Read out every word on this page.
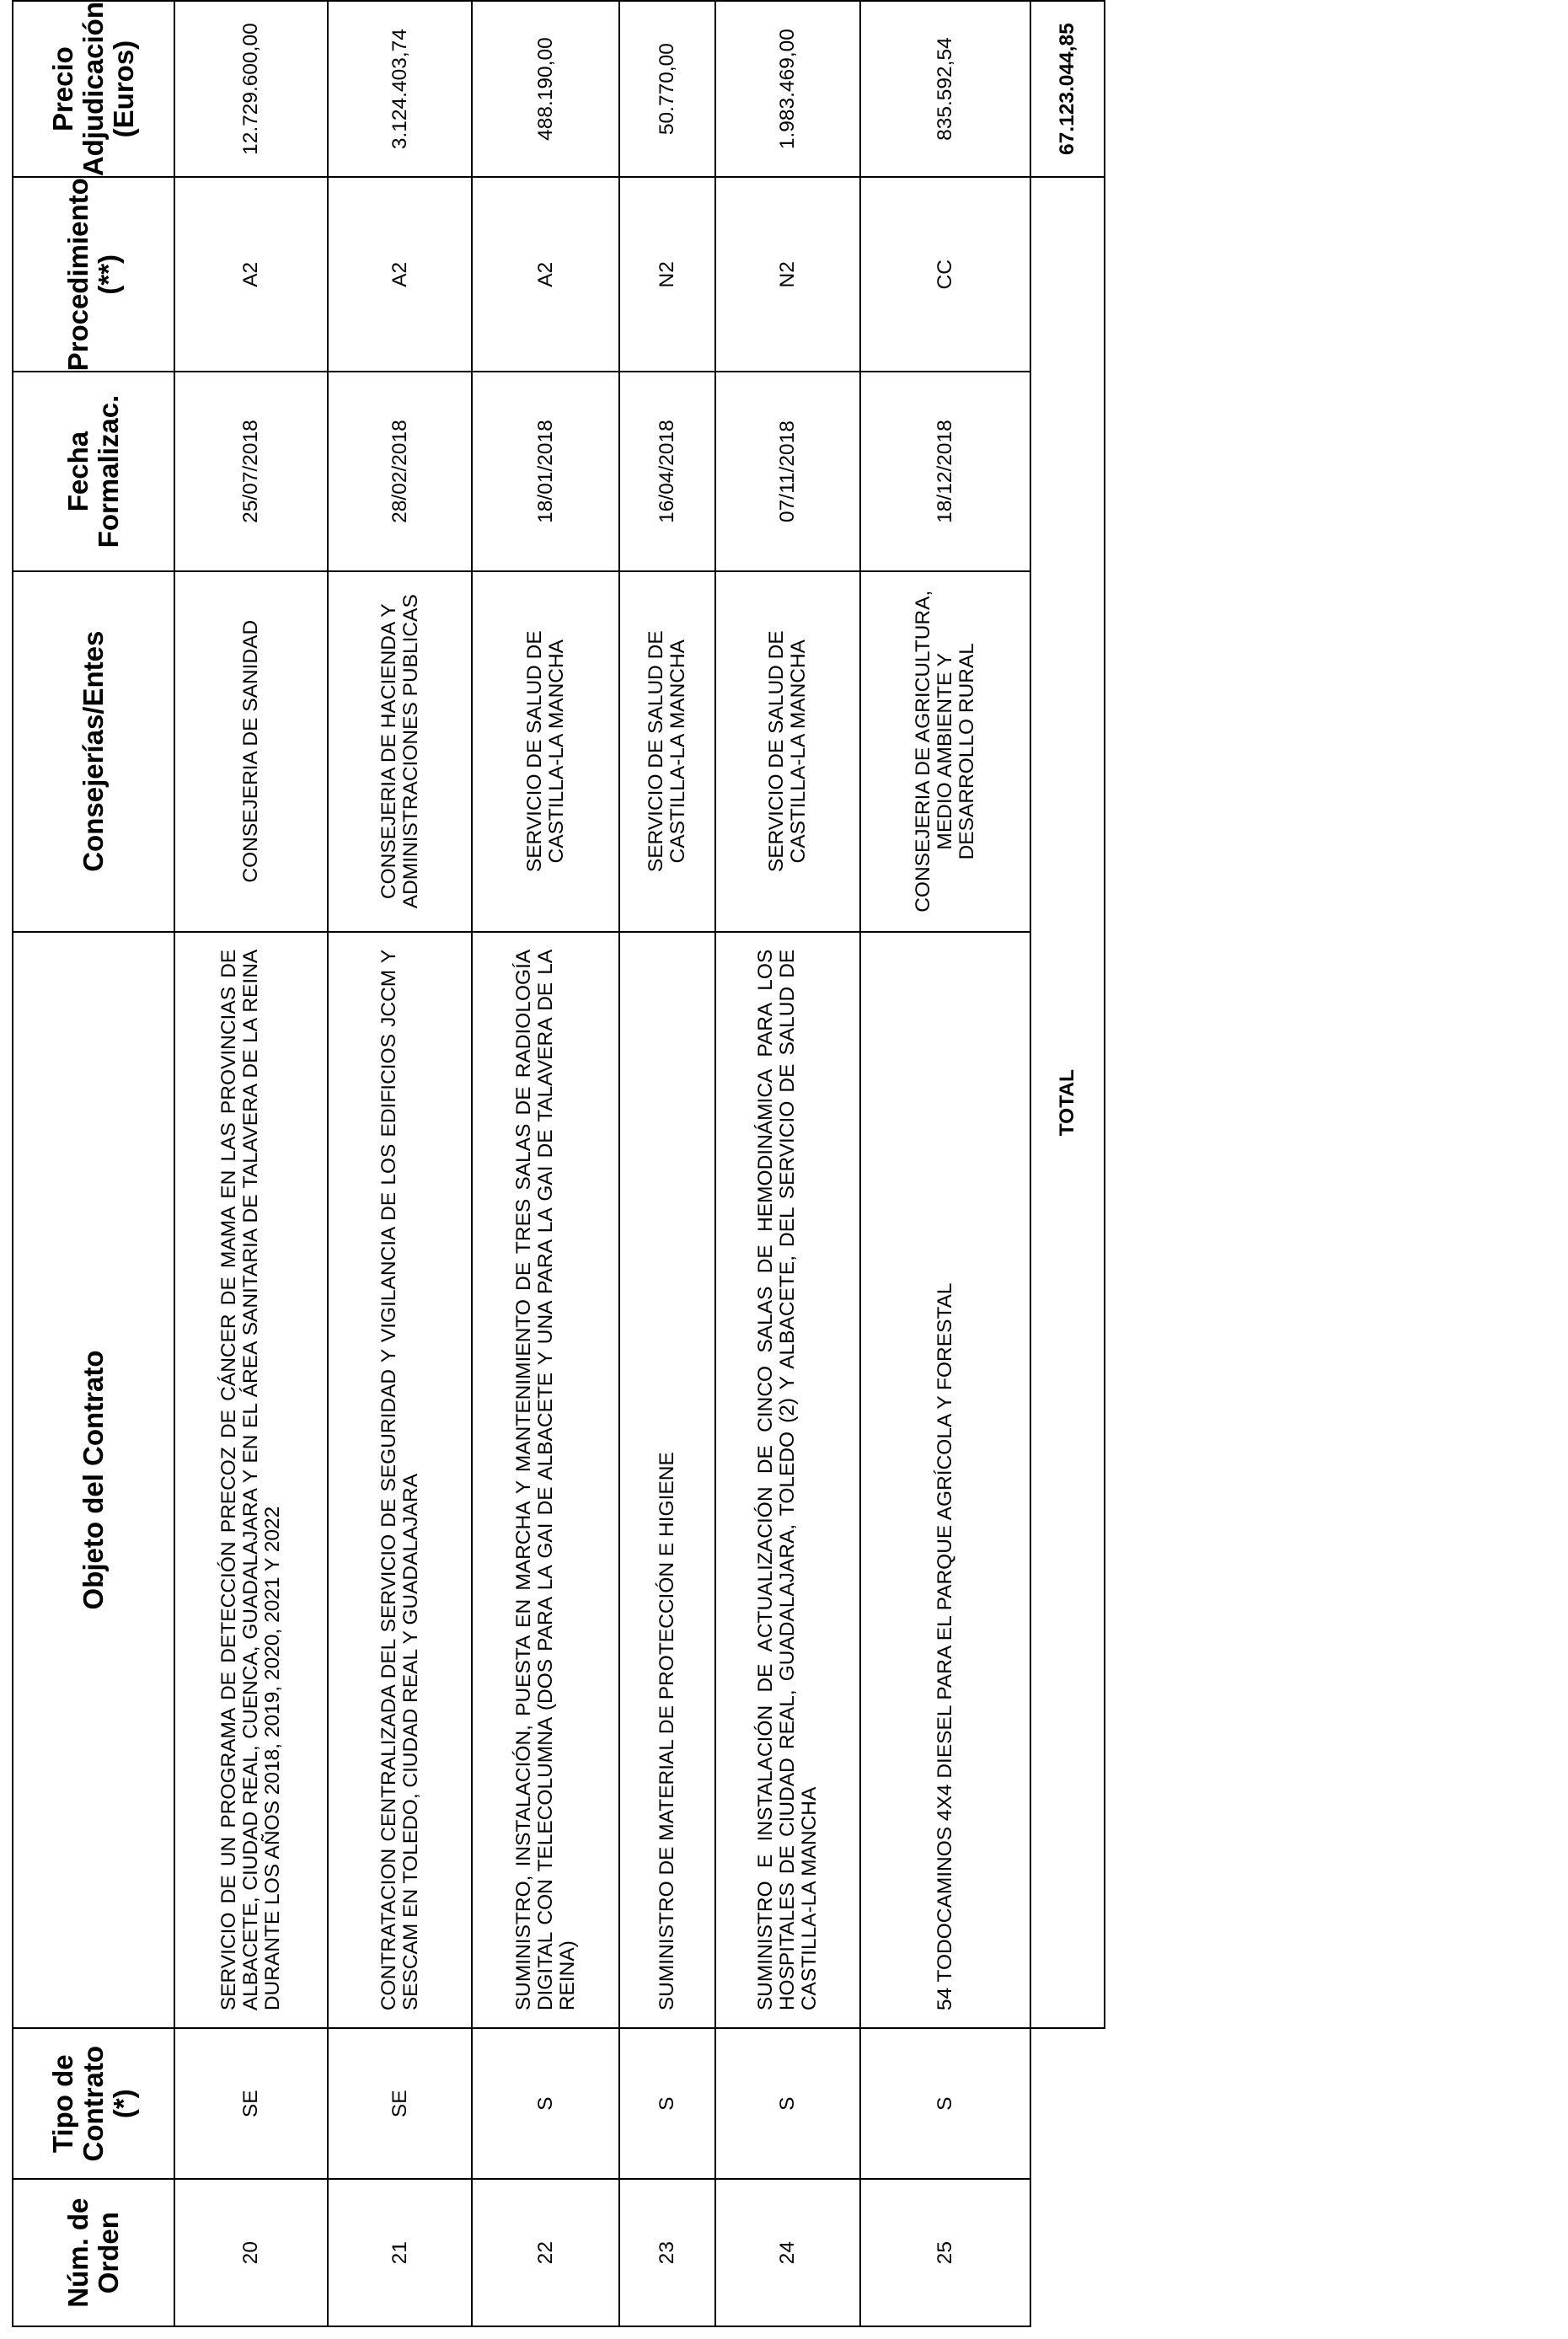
Núm. de Orden	Tipo de Contrato (*)	Objeto del Contrato	Consejerías/Entes	Fecha Formalizac.	Procedimiento (**)	Precio Adjudicación (Euros)
20	SE	SERVICIO DE UN PROGRAMA DE DETECCIÓN PRECOZ DE CÁNCER DE MAMA EN LAS PROVINCIAS DE ALBACETE, CIUDAD REAL, CUENCA, GUADALAJARA Y EN EL ÁREA SANITARIA DE TALAVERA DE LA REINA DURANTE LOS AÑOS 2018, 2019, 2020, 2021 Y 2022	CONSEJERIA DE SANIDAD	25/07/2018	A2	12.729.600,00
21	SE	CONTRATACION CENTRALIZADA DEL SERVICIO DE SEGURIDAD Y VIGILANCIA DE LOS EDIFICIOS JCCM Y SESCAM EN TOLEDO, CIUDAD REAL Y GUADALAJARA	CONSEJERIA DE HACIENDA Y ADMINISTRACIONES PUBLICAS	28/02/2018	A2	3.124.403,74
22	S	SUMINISTRO, INSTALACIÓN, PUESTA EN MARCHA Y MANTENIMIENTO DE TRES SALAS DE RADIOLOGÍA DIGITAL CON TELECOLUMNA (DOS PARA LA GAI DE ALBACETE Y UNA PARA LA GAI DE TALAVERA DE LA REINA)	SERVICIO DE SALUD DE CASTILLA-LA MANCHA	18/01/2018	A2	488.190,00
23	S	SUMINISTRO DE MATERIAL DE PROTECCIÓN E HIGIENE	SERVICIO DE SALUD DE CASTILLA-LA MANCHA	16/04/2018	N2	50.770,00
24	S	SUMINISTRO E INSTALACIÓN DE ACTUALIZACIÓN DE CINCO SALAS DE HEMODINÁMICA PARA LOS HOSPITALES DE CIUDAD REAL, GUADALAJARA, TOLEDO (2) Y ALBACETE, DEL SERVICIO DE SALUD DE CASTILLA-LA MANCHA	SERVICIO DE SALUD DE CASTILLA-LA MANCHA	07/11/2018	N2	1.983.469,00
25	S	54 TODOCAMINOS 4X4 DIESEL PARA EL PARQUE AGRÍCOLA Y FORESTAL	CONSEJERIA DE AGRICULTURA, MEDIO AMBIENTE Y DESARROLLO RURAL	18/12/2018	CC	835.592,54
		TOTAL				67.123.044,85
